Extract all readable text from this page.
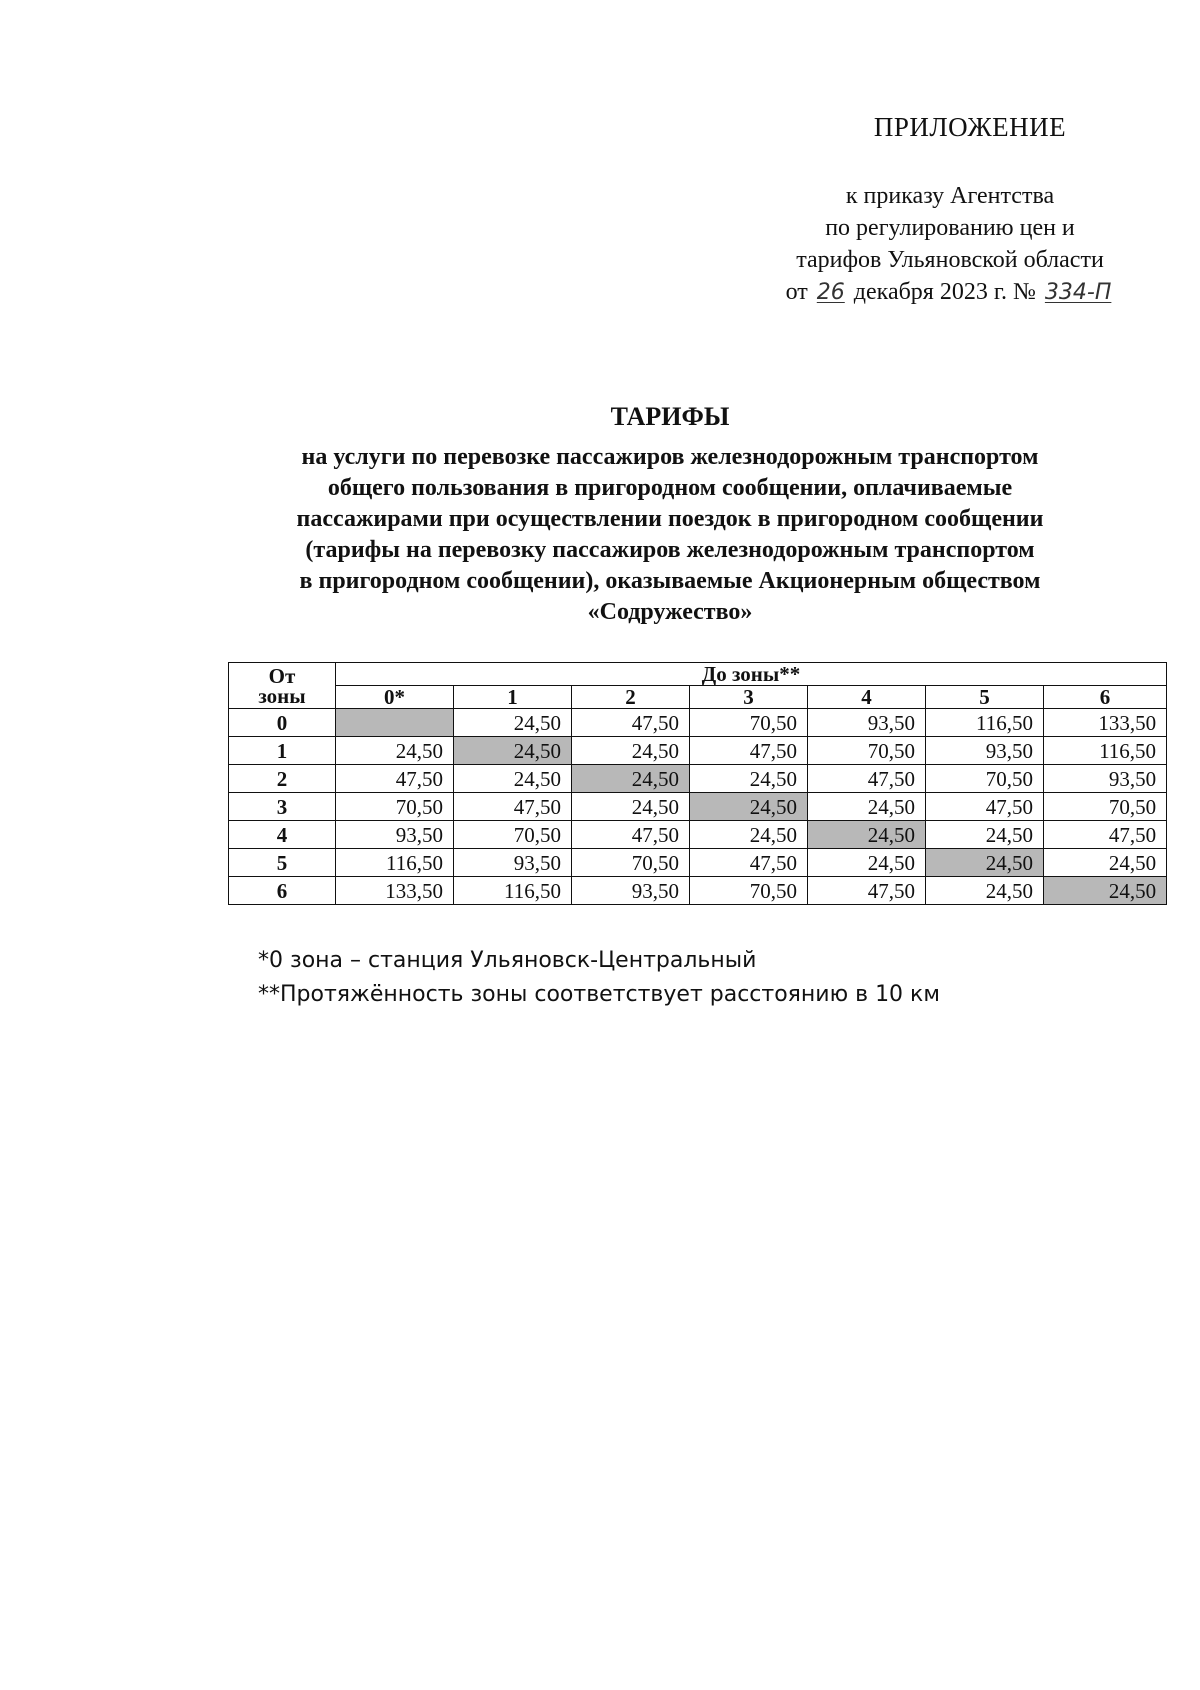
ПРИЛОЖЕНИЕ
к приказу Агентства
по регулированию цен и
тарифов Ульяновской области
от 26 декабря 2023 г. № 334-П
ТАРИФЫ
на услуги по перевозке пассажиров железнодорожным транспортом
общего пользования в пригородном сообщении, оплачиваемые
пассажирами при осуществлении поездок в пригородном сообщении
(тарифы на перевозку пассажиров железнодорожным транспортом
в пригородном сообщении), оказываемые Акционерным обществом
«Содружество»
От
зоны	До зоны**						
	0*	1	2	3	4	5	6
0		24,50	47,50	70,50	93,50	116,50	133,50
1	24,50	24,50	24,50	47,50	70,50	93,50	116,50
2	47,50	24,50	24,50	24,50	47,50	70,50	93,50
3	70,50	47,50	24,50	24,50	24,50	47,50	70,50
4	93,50	70,50	47,50	24,50	24,50	24,50	47,50
5	116,50	93,50	70,50	47,50	24,50	24,50	24,50
6	133,50	116,50	93,50	70,50	47,50	24,50	24,50
*0 зона – станция Ульяновск-Центральный
**Протяжённость зоны соответствует расстоянию в 10 км
